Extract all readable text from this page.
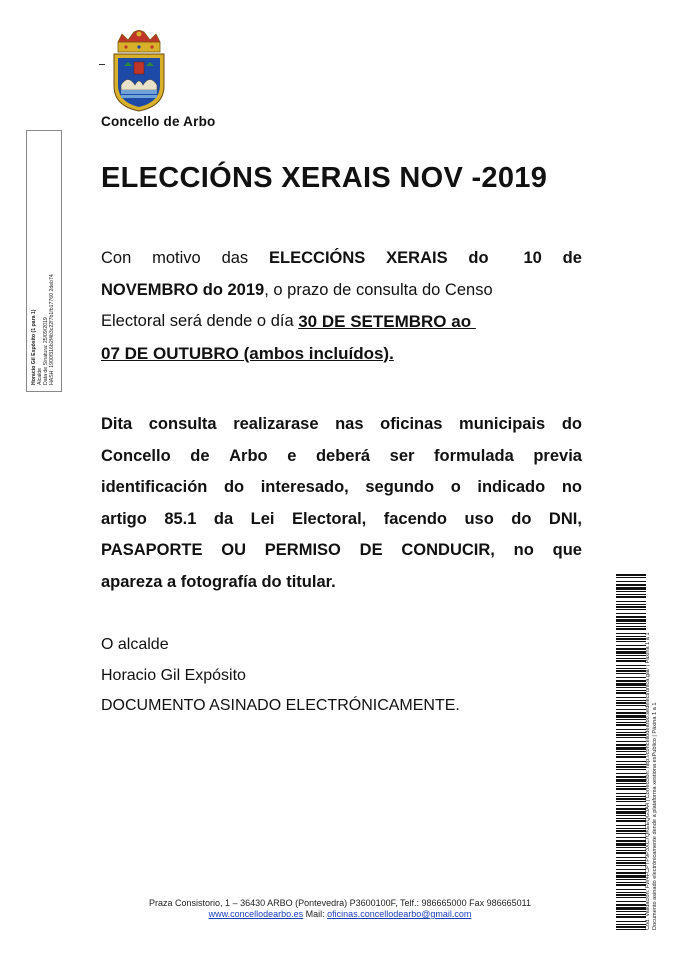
Concello de Arbo
Horacio Gil Expósito (1 para 1) Alcalde Data de Sinatura: 25/09/2019 HASH: 1900f316b2f4b3c22f7b1fb17760 2deb74
ELECCIÓNS XERAIS NOV -2019
Con motivo das ELECCIÓNS XERAIS do 10 de
NOVEMBRO do 2019 , o prazo de consulta do Censo
Electoral será dende o día 30 DE SETEMBRO ao
07 DE OUTUBRO (ambos incluídos).
Dita consulta realizarase nas oficinas municipais do
Concello de Arbo e deberá ser formulada previa
identificación do interesado, segundo o indicado no
artigo 85.1 da Lei Electoral, facendo uso do DNI,
PASAPORTE OU PERMISO DE CONDUCIR, no que
apareza a fotografía do titular.
O alcalde
Horacio Gil Expósito
DOCUMENTO ASINADO ELECTRÓNICAMENTE.	Cód. Validación: FW4FCPTP9P3XC7QKEEQG3A4 | Corrección: http://concellodearbo.sedelectronica.gal/ | Páxina 1 a 1 Documento asinado electrónicamente dende a plataforma xestiona esPublico | Páxina 1 a 1
Praza Consistorio, 1 – 36430 ARBO (Pontevedra) P3600100F, Telf.: 986665000 Fax 986665011
www.concellodearbo.es Mail: oficinas.concellodearbo@gmail.com
